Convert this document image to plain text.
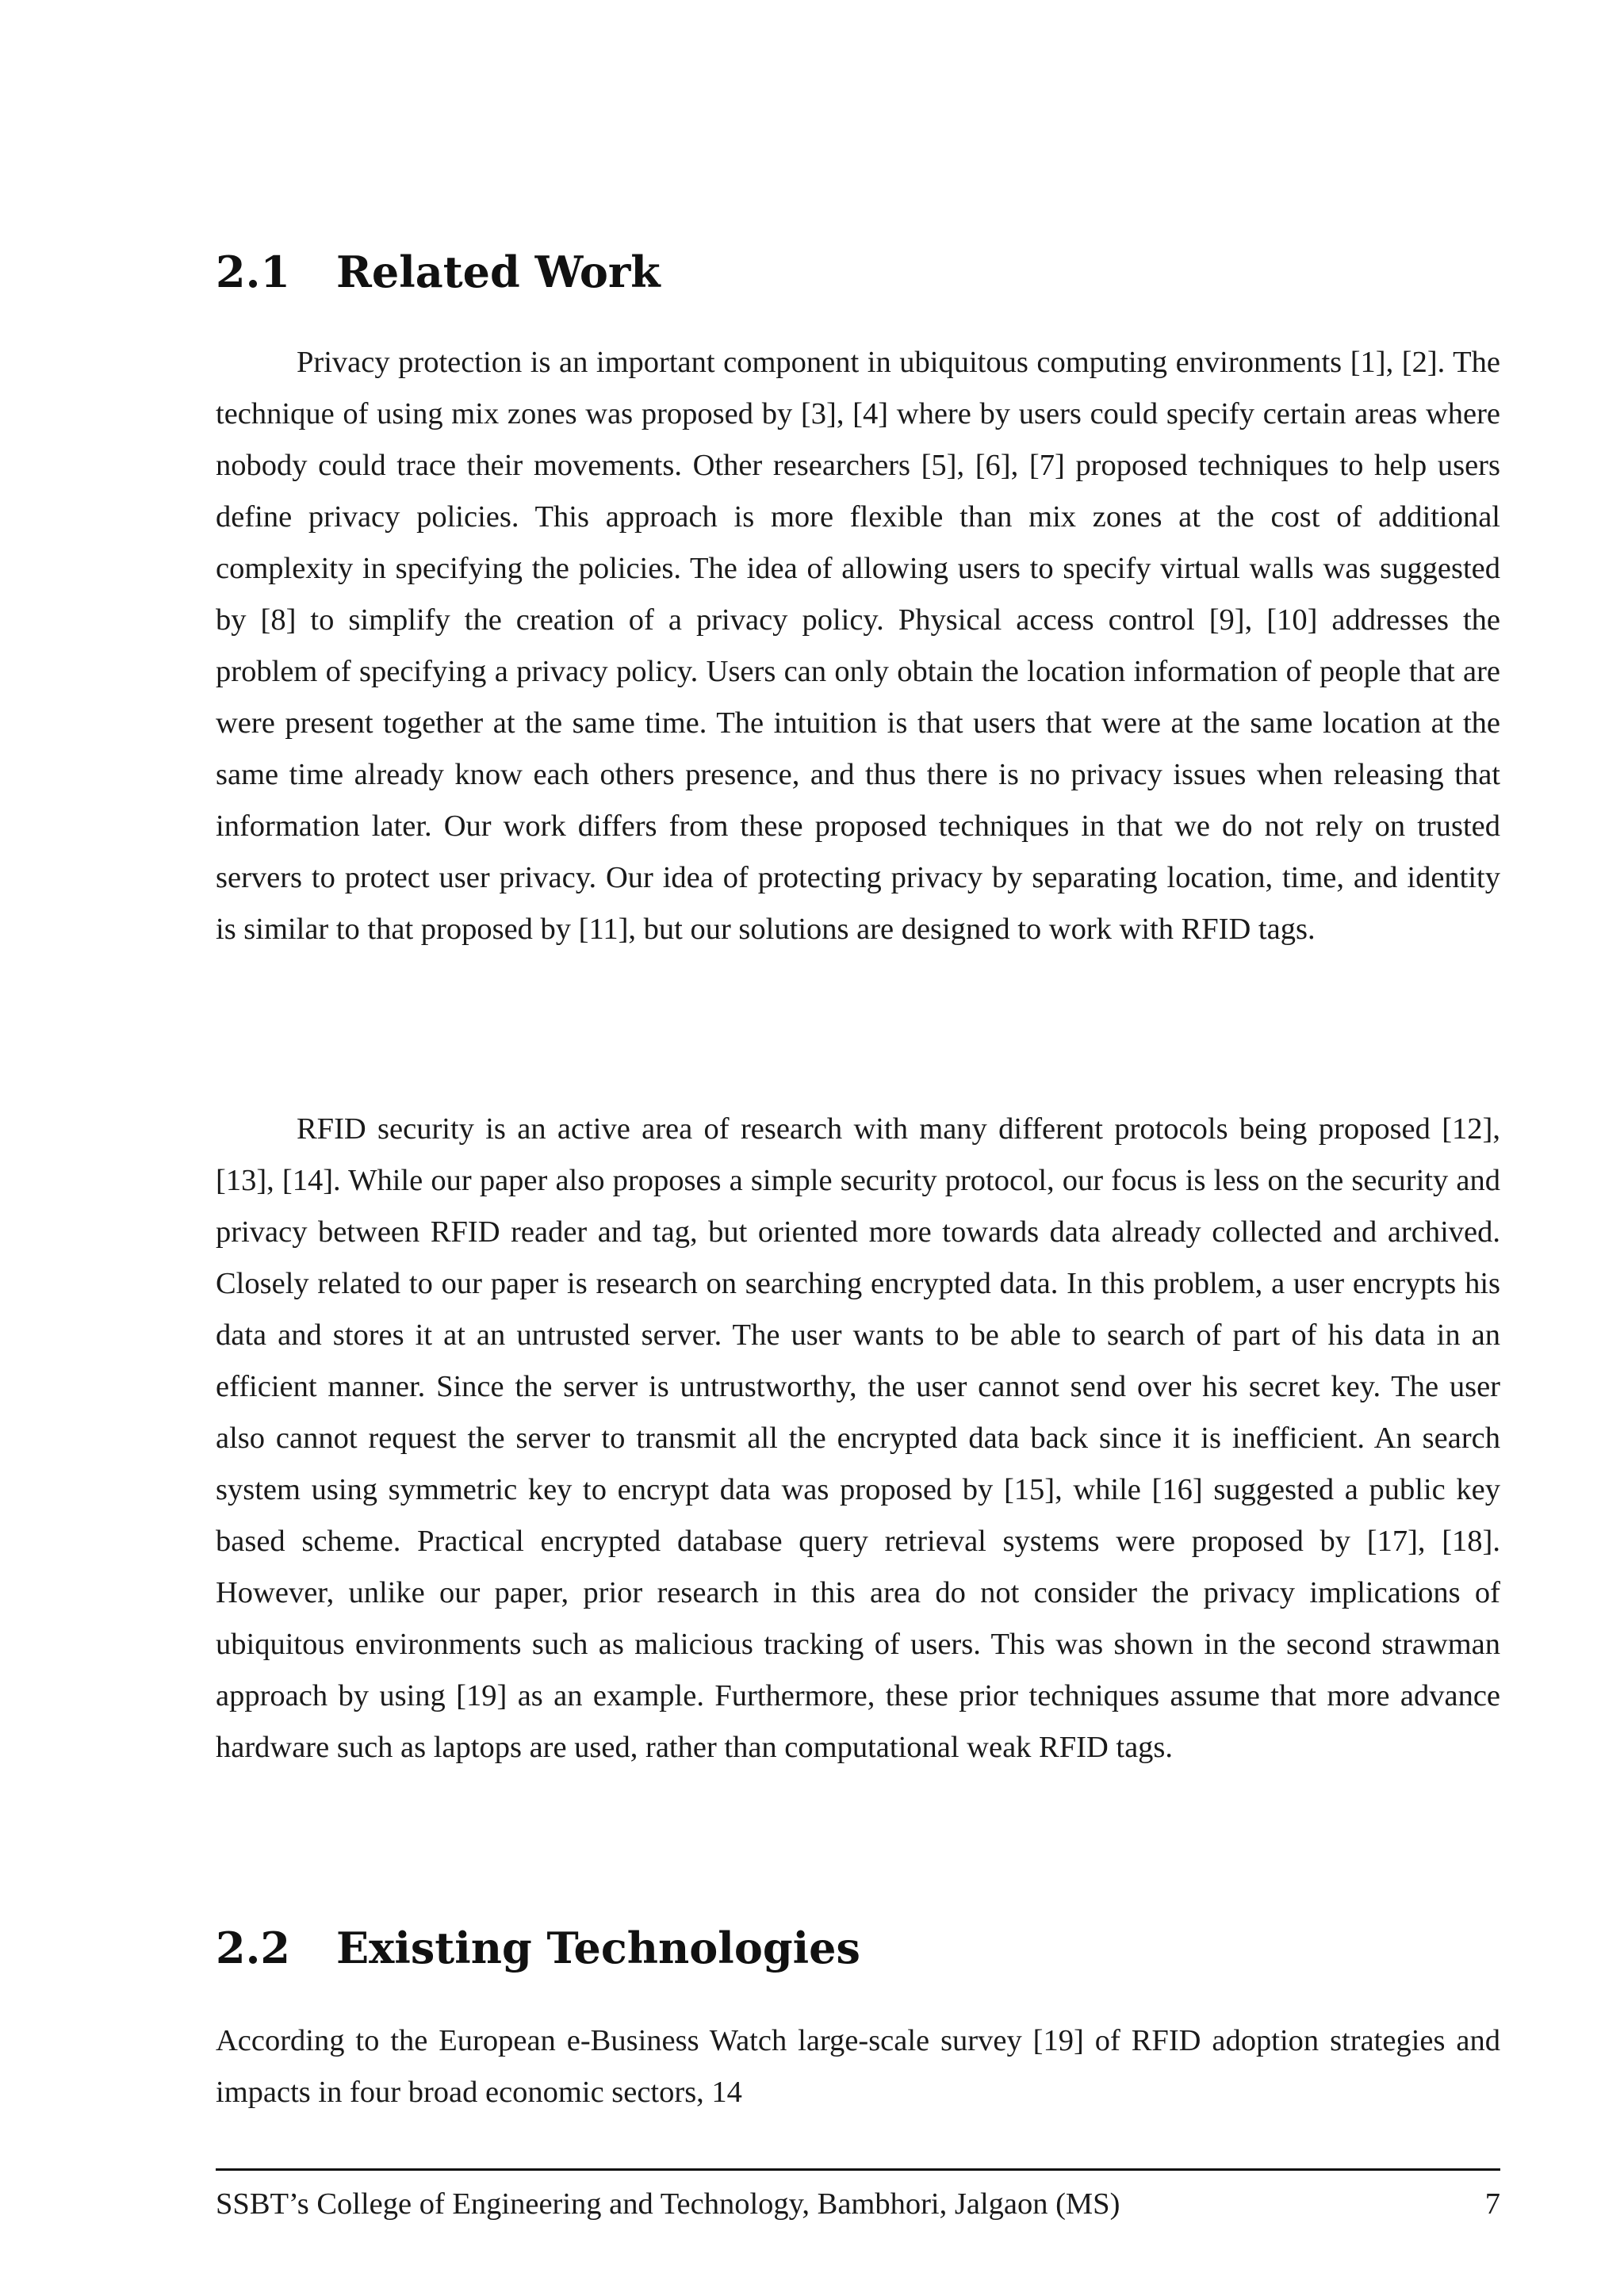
2.1 Related Work

Privacy protection is an important component in ubiquitous computing environments [1], [2]. The technique of using mix zones was proposed by [3], [4] where by users could specify certain areas where nobody could trace their movements. Other researchers [5], [6], [7] proposed techniques to help users define privacy policies. This approach is more flexible than mix zones at the cost of additional complexity in specifying the policies. The idea of allowing users to specify virtual walls was suggested by [8] to simplify the creation of a privacy policy. Physical access control [9], [10] addresses the problem of specifying a privacy policy. Users can only obtain the location information of people that are were present together at the same time. The intuition is that users that were at the same location at the same time already know each others presence, and thus there is no privacy issues when releasing that information later. Our work differs from these proposed techniques in that we do not rely on trusted servers to protect user privacy. Our idea of protecting privacy by separating location, time, and identity is similar to that proposed by [11], but our solutions are designed to work with RFID tags.

RFID security is an active area of research with many different protocols being proposed [12], [13], [14]. While our paper also proposes a simple security protocol, our focus is less on the security and privacy between RFID reader and tag, but oriented more towards data already collected and archived. Closely related to our paper is research on searching encrypted data. In this problem, a user encrypts his data and stores it at an untrusted server. The user wants to be able to search of part of his data in an efficient manner. Since the server is untrustworthy, the user cannot send over his secret key. The user also cannot request the server to transmit all the encrypted data back since it is inefficient. An search system using symmetric key to encrypt data was proposed by [15], while [16] suggested a public key based scheme. Practical encrypted database query retrieval systems were proposed by [17], [18]. However, unlike our paper, prior research in this area do not consider the privacy implications of ubiquitous environments such as malicious tracking of users. This was shown in the second strawman approach by using [19] as an example. Furthermore, these prior techniques assume that more advance hardware such as laptops are used, rather than computational weak RFID tags.

2.2 Existing Technologies

According to the European e-Business Watch large-scale survey [19] of RFID adoption strategies and impacts in four broad economic sectors, 14

SSBT’s College of Engineering and Technology, Bambhori, Jalgaon (MS)	7
